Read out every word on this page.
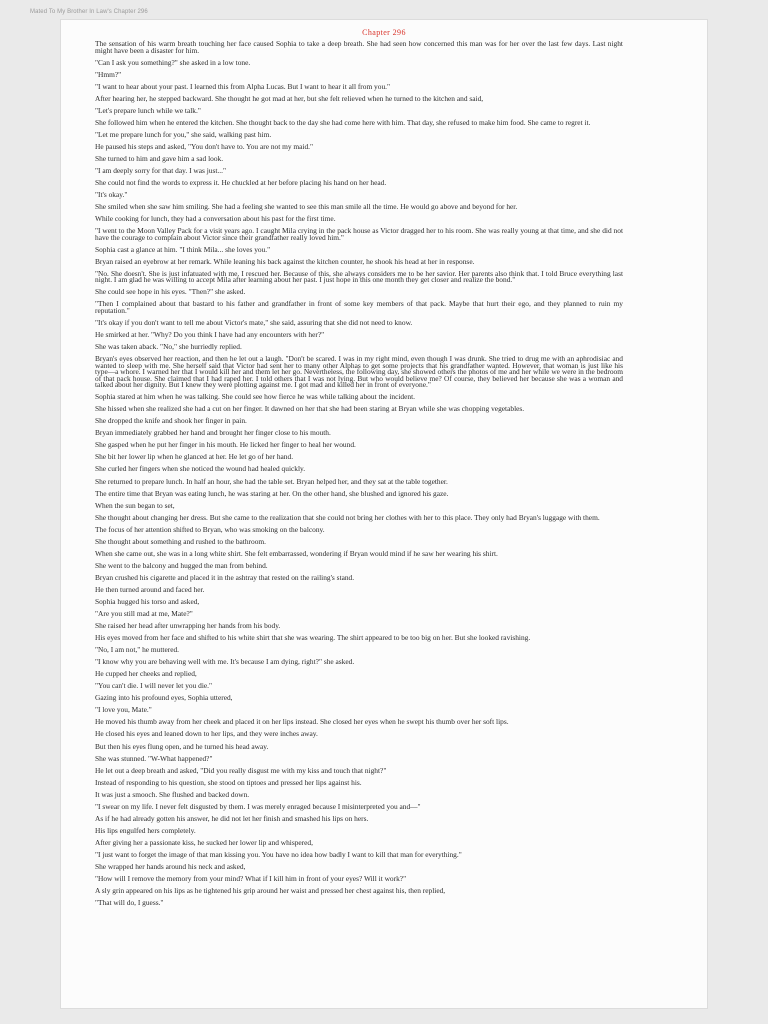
Mated To My Brother In Law's Chapter 296
Chapter 296

The sensation of his warm breath touching her face caused Sophia to take a deep breath. She had seen how concerned this man was for her over the last few days. Last night might have been a disaster for him.

"Can I ask you something?" she asked in a low tone.

"Hmm?"

"I want to hear about your past. I learned this from Alpha Lucas. But I want to hear it all from you."

After hearing her, he stepped backward. She thought he got mad at her, but she felt relieved when he turned to the kitchen and said,

"Let's prepare lunch while we talk."

She followed him when he entered the kitchen. She thought back to the day she had come here with him. That day, she refused to make him food. She came to regret it.

"Let me prepare lunch for you," she said, walking past him.

He paused his steps and asked, "You don't have to. You are not my maid."

She turned to him and gave him a sad look.

"I am deeply sorry for that day. I was just..."

She could not find the words to express it. He chuckled at her before placing his hand on her head.

"It's okay."

She smiled when she saw him smiling. She had a feeling she wanted to see this man smile all the time. He would go above and beyond for her.

While cooking for lunch, they had a conversation about his past for the first time.

"I went to the Moon Valley Pack for a visit years ago. I caught Mila crying in the pack house as Victor dragged her to his room. She was really young at that time, and she did not have the courage to complain about Victor since their grandfather really loved him."

Sophia cast a glance at him. "I think Mila... she loves you."

Bryan raised an eyebrow at her remark. While leaning his back against the kitchen counter, he shook his head at her in response.

"No. She doesn't. She is just infatuated with me. I rescued her. Because of this, she always considers me to be her savior. Her parents also think that. I told Bruce everything last night. I am glad he was willing to accept Mila after learning about her past. I just hope in this one month they get closer and realize the bond."

She could see hope in his eyes. "Then?" she asked.

"Then I complained about that bastard to his father and grandfather in front of some key members of that pack. Maybe that hurt their ego, and they planned to ruin my reputation."

"It's okay if you don't want to tell me about Victor's mate," she said, assuring that she did not need to know.

He smirked at her. "Why? Do you think I have had any encounters with her?"

She was taken aback. "No," she hurriedly replied.

Bryan's eyes observed her reaction, and then he let out a laugh. "Don't be scared. I was in my right mind, even though I was drunk. She tried to drug me with an aphrodisiac and wanted to sleep with me. She herself said that Victor had sent her to many other Alphas to get some projects that his grandfather wanted. However, that woman is just like his type—a whore. I warned her that I would kill her and them let her go. Nevertheless, the following day, she showed others the photos of me and her while we were in the bedroom of that pack house. She claimed that I had raped her. I told others that I was not lying. But who would believe me? Of course, they believed her because she was a woman and talked about her dignity. But I knew they were plotting against me. I got mad and killed her in front of everyone."

Sophia stared at him when he was talking. She could see how fierce he was while talking about the incident.

She hissed when she realized she had a cut on her finger. It dawned on her that she had been staring at Bryan while she was chopping vegetables.

She dropped the knife and shook her finger in pain.

Bryan immediately grabbed her hand and brought her finger close to his mouth.

She gasped when he put her finger in his mouth. He licked her finger to heal her wound.

She bit her lower lip when he glanced at her. He let go of her hand.

She curled her fingers when she noticed the wound had healed quickly.

She returned to prepare lunch. In half an hour, she had the table set. Bryan helped her, and they sat at the table together.

The entire time that Bryan was eating lunch, he was staring at her. On the other hand, she blushed and ignored his gaze.

When the sun began to set,

She thought about changing her dress. But she came to the realization that she could not bring her clothes with her to this place. They only had Bryan's luggage with them.

The focus of her attention shifted to Bryan, who was smoking on the balcony.

She thought about something and rushed to the bathroom.

When she came out, she was in a long white shirt. She felt embarrassed, wondering if Bryan would mind if he saw her wearing his shirt.

She went to the balcony and hugged the man from behind.

Bryan crushed his cigarette and placed it in the ashtray that rested on the railing's stand.

He then turned around and faced her.

Sophia hugged his torso and asked,

"Are you still mad at me, Mate?"

She raised her head after unwrapping her hands from his body.

His eyes moved from her face and shifted to his white shirt that she was wearing. The shirt appeared to be too big on her. But she looked ravishing.

"No, I am not," he muttered.

"I know why you are behaving well with me. It's because I am dying, right?" she asked.

He cupped her cheeks and replied,

"You can't die. I will never let you die."

Gazing into his profound eyes, Sophia uttered,

"I love you, Mate."

He moved his thumb away from her cheek and placed it on her lips instead. She closed her eyes when he swept his thumb over her soft lips.

He closed his eyes and leaned down to her lips, and they were inches away.

But then his eyes flung open, and he turned his head away.

She was stunned. "W-What happened?"

He let out a deep breath and asked, "Did you really disgust me with my kiss and touch that night?"

Instead of responding to his question, she stood on tiptoes and pressed her lips against his.

It was just a smooch. She flushed and backed down.

"I swear on my life. I never felt disgusted by them. I was merely enraged because I misinterpreted you and—"

As if he had already gotten his answer, he did not let her finish and smashed his lips on hers.

His lips engulfed hers completely.

After giving her a passionate kiss, he sucked her lower lip and whispered,

"I just want to forget the image of that man kissing you. You have no idea how badly I want to kill that man for everything."

She wrapped her hands around his neck and asked,

"How will I remove the memory from your mind? What if I kill him in front of your eyes? Will it work?"

A sly grin appeared on his lips as he tightened his grip around her waist and pressed her chest against his, then replied,

"That will do, I guess."
